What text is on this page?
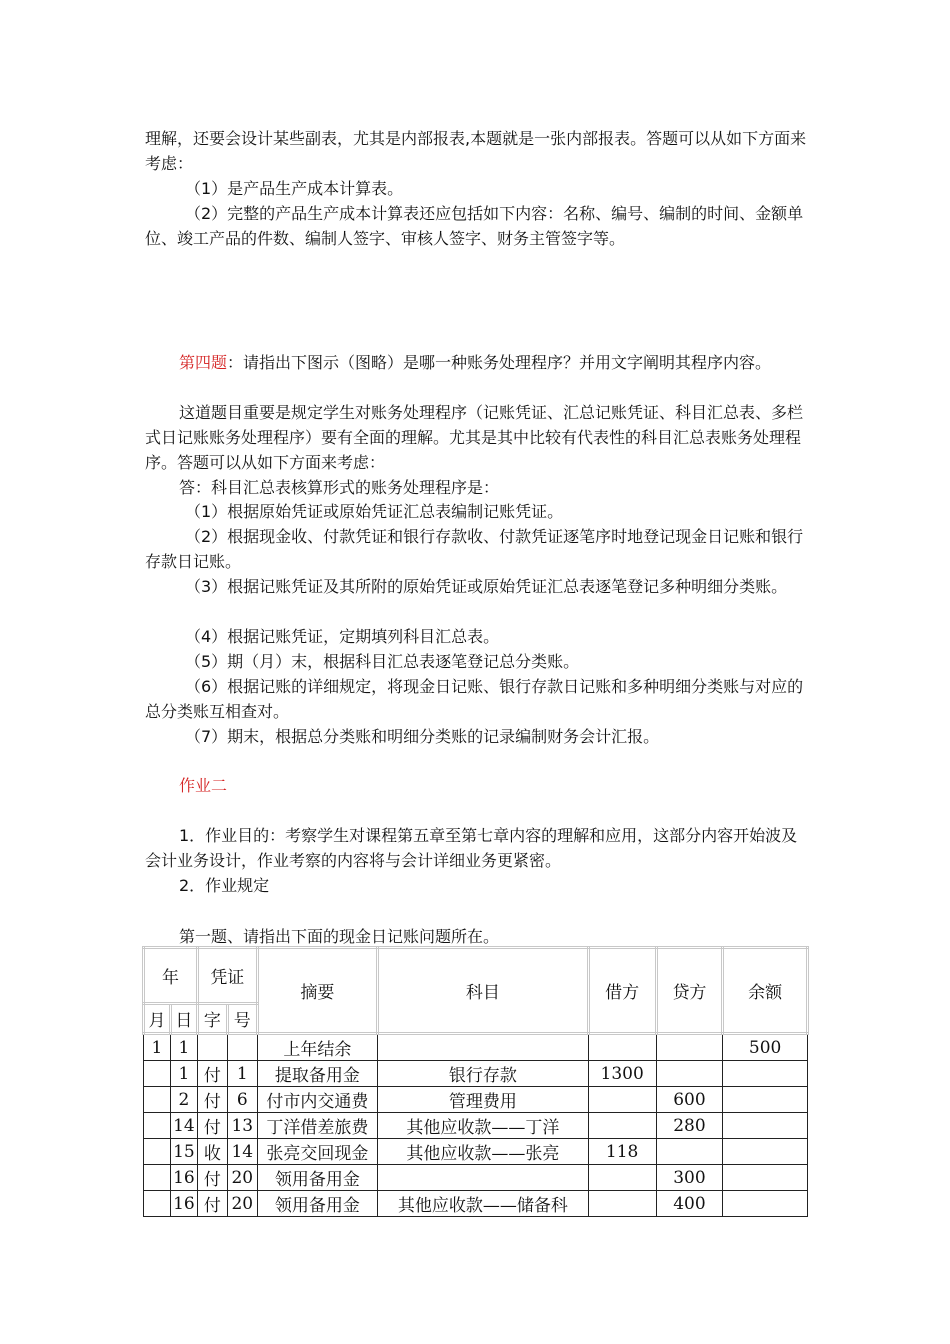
理解，还要会设计某些副表，尤其是内部报表,本题就是一张内部报表。答题可以从如下方面来考虑：

（1）是产品生产成本计算表。

（2）完整的产品生产成本计算表还应包括如下内容：名称、编号、编制的时间、金额单位、竣工产品的件数、编制人签字、审核人签字、财务主管签字等。

第四题：请指出下图示（图略）是哪一种账务处理程序？并用文字阐明其程序内容。

这道题目重要是规定学生对账务处理程序（记账凭证、汇总记账凭证、科目汇总表、多栏式日记账账务处理程序）要有全面的理解。尤其是其中比较有代表性的科目汇总表账务处理程序。答题可以从如下方面来考虑：

答：科目汇总表核算形式的账务处理程序是：

（1）根据原始凭证或原始凭证汇总表编制记账凭证。

（2）根据现金收、付款凭证和银行存款收、付款凭证逐笔序时地登记现金日记账和银行存款日记账。

（3）根据记账凭证及其所附的原始凭证或原始凭证汇总表逐笔登记多种明细分类账。

（4）根据记账凭证，定期填列科目汇总表。

（5）期（月）末，根据科目汇总表逐笔登记总分类账。

（6）根据记账的详细规定，将现金日记账、银行存款日记账和多种明细分类账与对应的总分类账互相查对。

（7）期末，根据总分类账和明细分类账的记录编制财务会计汇报。

作业二

1．作业目的：考察学生对课程第五章至第七章内容的理解和应用，这部分内容开始波及会计业务设计，作业考察的内容将与会计详细业务更紧密。

2．作业规定

第一题、请指出下面的现金日记账问题所在。

年		凭证		摘要	科目	借方	贷方	余额
月	日	字	号					
1	1			上年结余				500
	1	付	1	提取备用金	银行存款	1300		
	2	付	6	付市内交通费	管理费用		600	
	14	付	13	丁洋借差旅费	其他应收款——丁洋		280	
	15	收	14	张亮交回现金	其他应收款——张亮	118		
	16	付	20	领用备用金			300	
	16	付	20	领用备用金	其他应收款——储备科		400	
